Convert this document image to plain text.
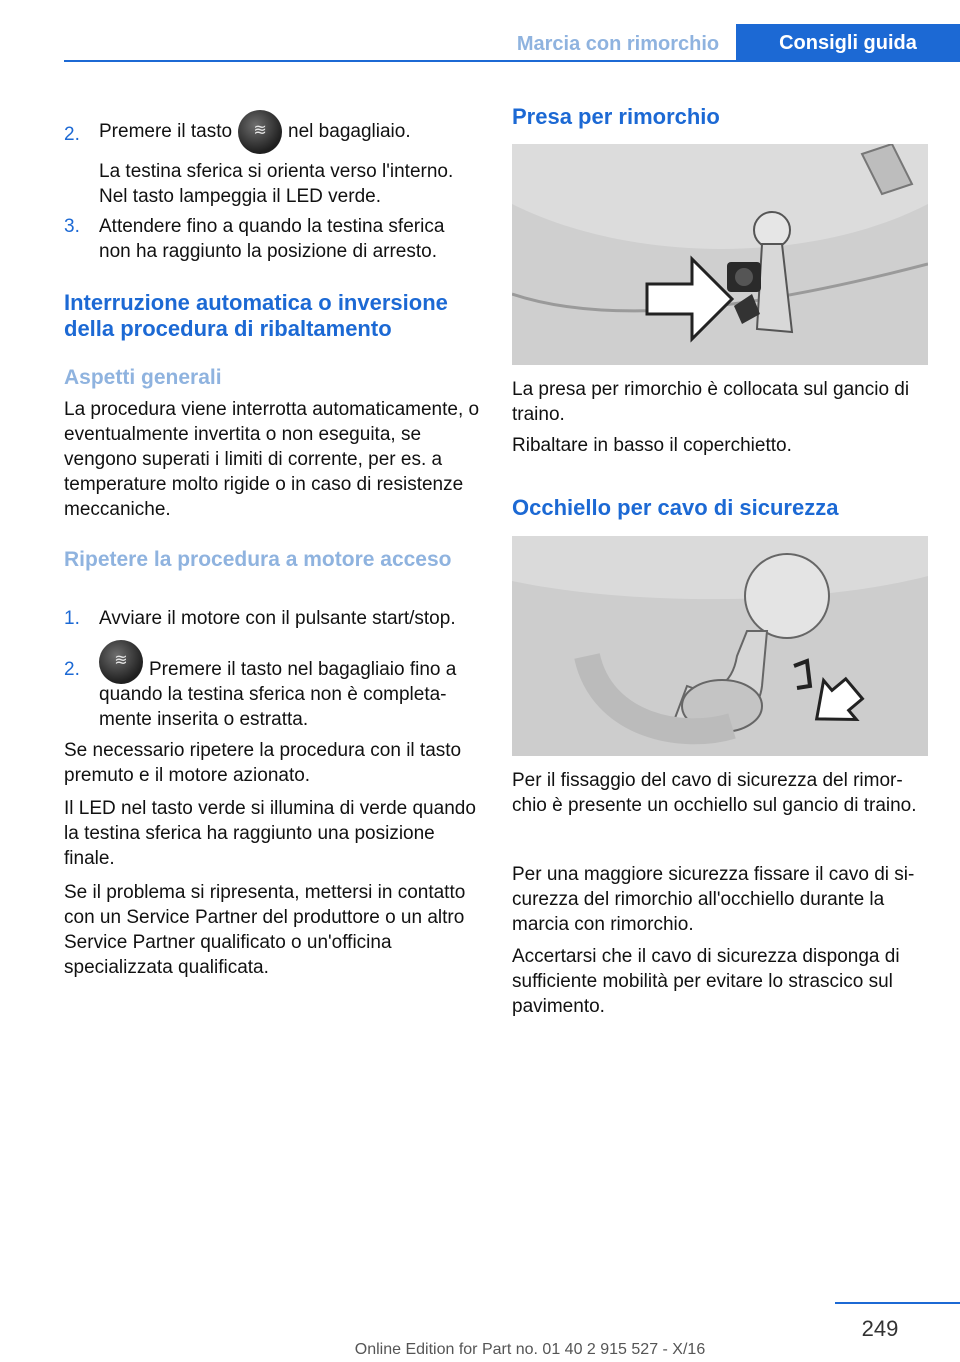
Marcia con rimorchio	Consigli guida
2. Premere il tasto	≋	nel bagagliaio.

La testina sferica si orienta verso l'interno. Nel tasto lampeggia il LED verde.

3. Attendere fino a quando la testina sferica non ha raggiunto la posizione di arresto.

Interruzione automatica o inversione della procedura di ribaltamento
Aspetti generali

La procedura viene interrotta automaticamente, o eventualmente invertita o non eseguita, se vengono superati i limiti di corrente, per es. a temperature molto rigide o in caso di resistenze meccaniche.

Ripetere la procedura a motore acceso
1. Avviare il motore con il pulsante start/stop.

2.	≋	Premere il tasto nel bagagliaio fino a quando la testina sferica non è completamente inserita o estratta.

Se necessario ripetere la procedura con il tasto premuto e il motore azionato.

Il LED nel tasto verde si illumina di verde quando la testina sferica ha raggiunto una posizione finale.

Se il problema si ripresenta, mettersi in contatto con un Service Partner del produttore o un altro Service Partner qualificato o un'officina specializzata qualificata.

Presa per rimorchio

La presa per rimorchio è collocata sul gancio di traino.

Ribaltare in basso il coperchietto.

Occhiello per cavo di sicurezza

Per il fissaggio del cavo di sicurezza del rimorchio è presente un occhiello sul gancio di traino.

Per una maggiore sicurezza fissare il cavo di sicurezza del rimorchio all'occhiello durante la marcia con rimorchio.

Accertarsi che il cavo di sicurezza disponga di sufficiente mobilità per evitare lo strascico sul pavimento.

249
Online Edition for Part no. 01 40 2 915 527 - X/16
